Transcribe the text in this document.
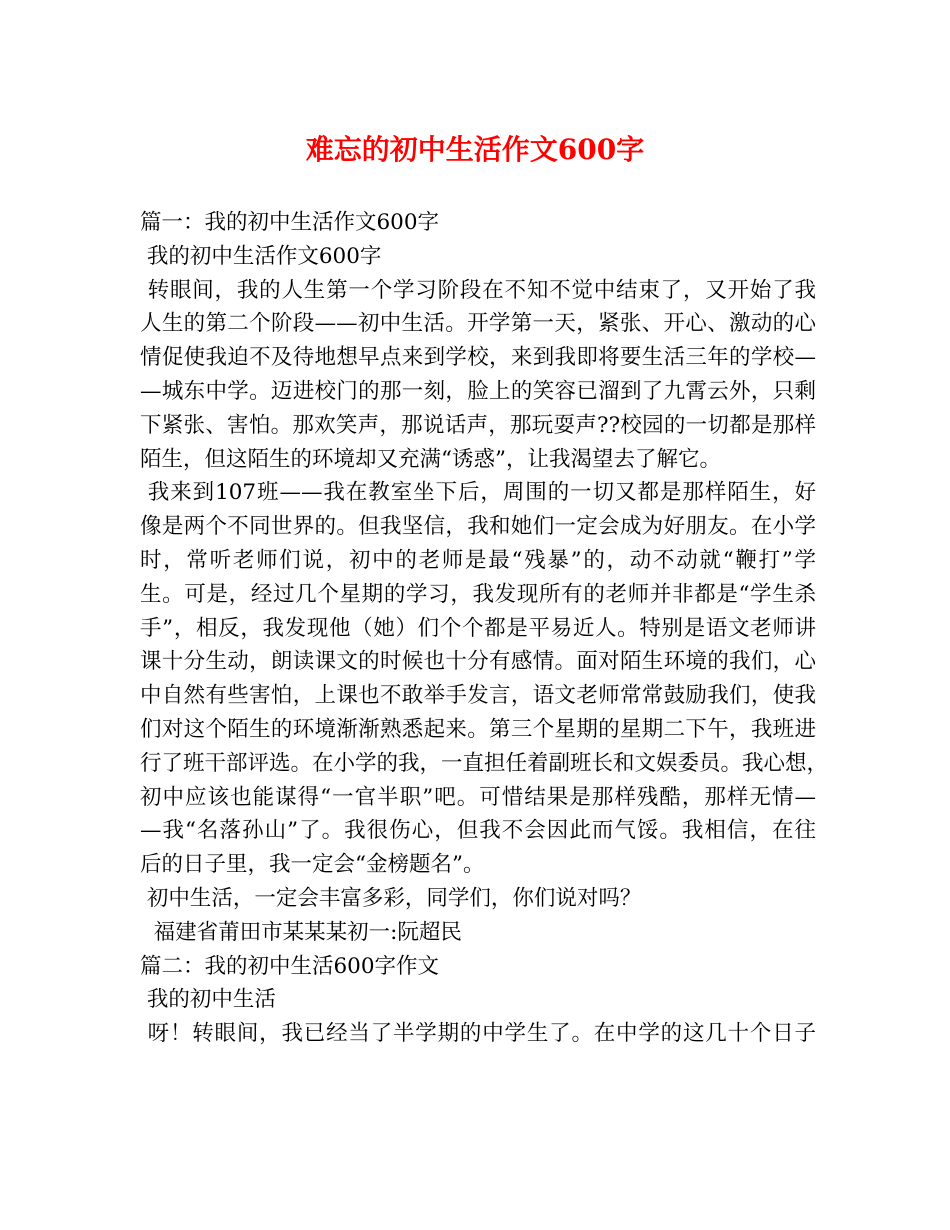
难忘的初中生活作文600字
篇一：我的初中生活作文600字
我的初中生活作文600字
转眼间，我的人生第一个学习阶段在不知不觉中结束了，又开始了我
人生的第二个阶段——初中生活。开学第一天，紧张、开心、激动的心
情促使我迫不及待地想早点来到学校，来到我即将要生活三年的学校—
—城东中学。迈进校门的那一刻，脸上的笑容已溜到了九霄云外，只剩
下紧张、害怕。那欢笑声，那说话声，那玩耍声??校园的一切都是那样
陌生，但这陌生的环境却又充满“诱惑”，让我渴望去了解它。
我来到107班——我在教室坐下后，周围的一切又都是那样陌生，好
像是两个不同世界的。但我坚信，我和她们一定会成为好朋友。在小学
时，常听老师们说，初中的老师是最“残暴”的，动不动就“鞭打”学
生。可是，经过几个星期的学习，我发现所有的老师并非都是“学生杀
手”，相反，我发现他（她）们个个都是平易近人。特别是语文老师讲
课十分生动，朗读课文的时候也十分有感情。面对陌生环境的我们，心
中自然有些害怕，上课也不敢举手发言，语文老师常常鼓励我们，使我
们对这个陌生的环境渐渐熟悉起来。第三个星期的星期二下午，我班进
行了班干部评选。在小学的我，一直担任着副班长和文娱委员。我心想，
初中应该也能谋得“一官半职”吧。可惜结果是那样残酷，那样无情—
—我“名落孙山”了。我很伤心，但我不会因此而气馁。我相信，在往
后的日子里，我一定会“金榜题名”。
初中生活，一定会丰富多彩，同学们，你们说对吗？
福建省莆田市某某某初一:阮超民
篇二：我的初中生活600字作文
我的初中生活
呀！转眼间，我已经当了半学期的中学生了。在中学的这几十个日子
